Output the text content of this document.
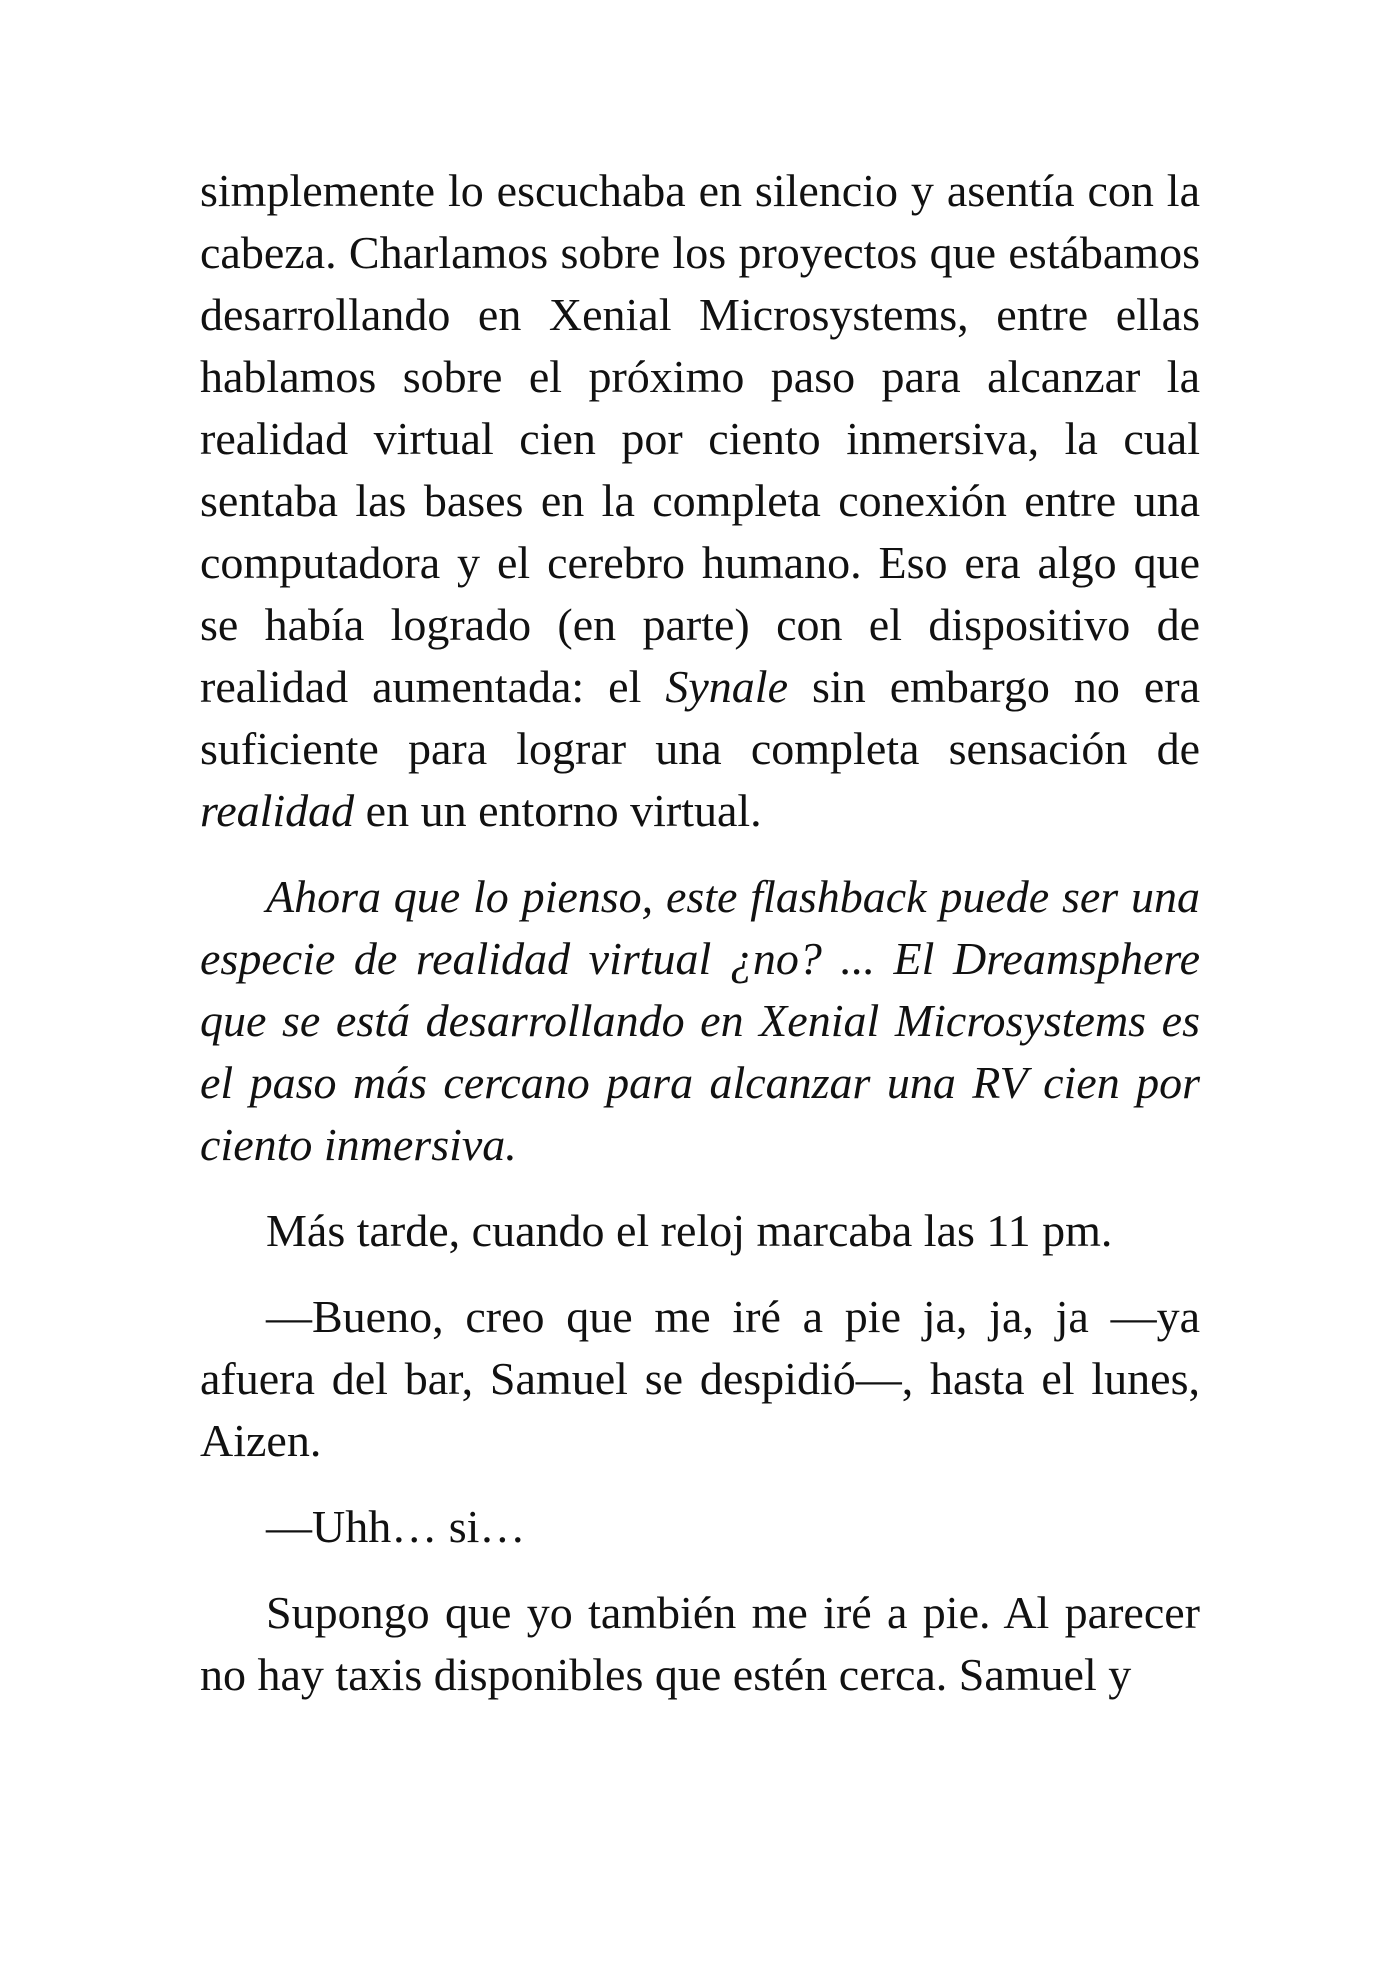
simplemente lo escuchaba en silencio y asentía con la cabeza. Charlamos sobre los proyectos que estábamos desarrollando en Xenial Microsystems, entre ellas hablamos sobre el próximo paso para alcanzar la realidad virtual cien por ciento inmersiva, la cual sentaba las bases en la completa conexión entre una computadora y el cerebro humano. Eso era algo que se había logrado (en parte) con el dispositivo de realidad aumentada: el Synale sin embargo no era suficiente para lograr una completa sensación de realidad en un entorno virtual.

Ahora que lo pienso, este flashback puede ser una especie de realidad virtual ¿no? ... El Dreamsphere que se está desarrollando en Xenial Microsystems es el paso más cercano para alcanzar una RV cien por ciento inmersiva.

Más tarde, cuando el reloj marcaba las 11 pm.

—Bueno, creo que me iré a pie ja, ja, ja —ya afuera del bar, Samuel se despidió—, hasta el lunes, Aizen.

—Uhh… si…

Supongo que yo también me iré a pie. Al parecer no hay taxis disponibles que estén cerca. Samuel y
